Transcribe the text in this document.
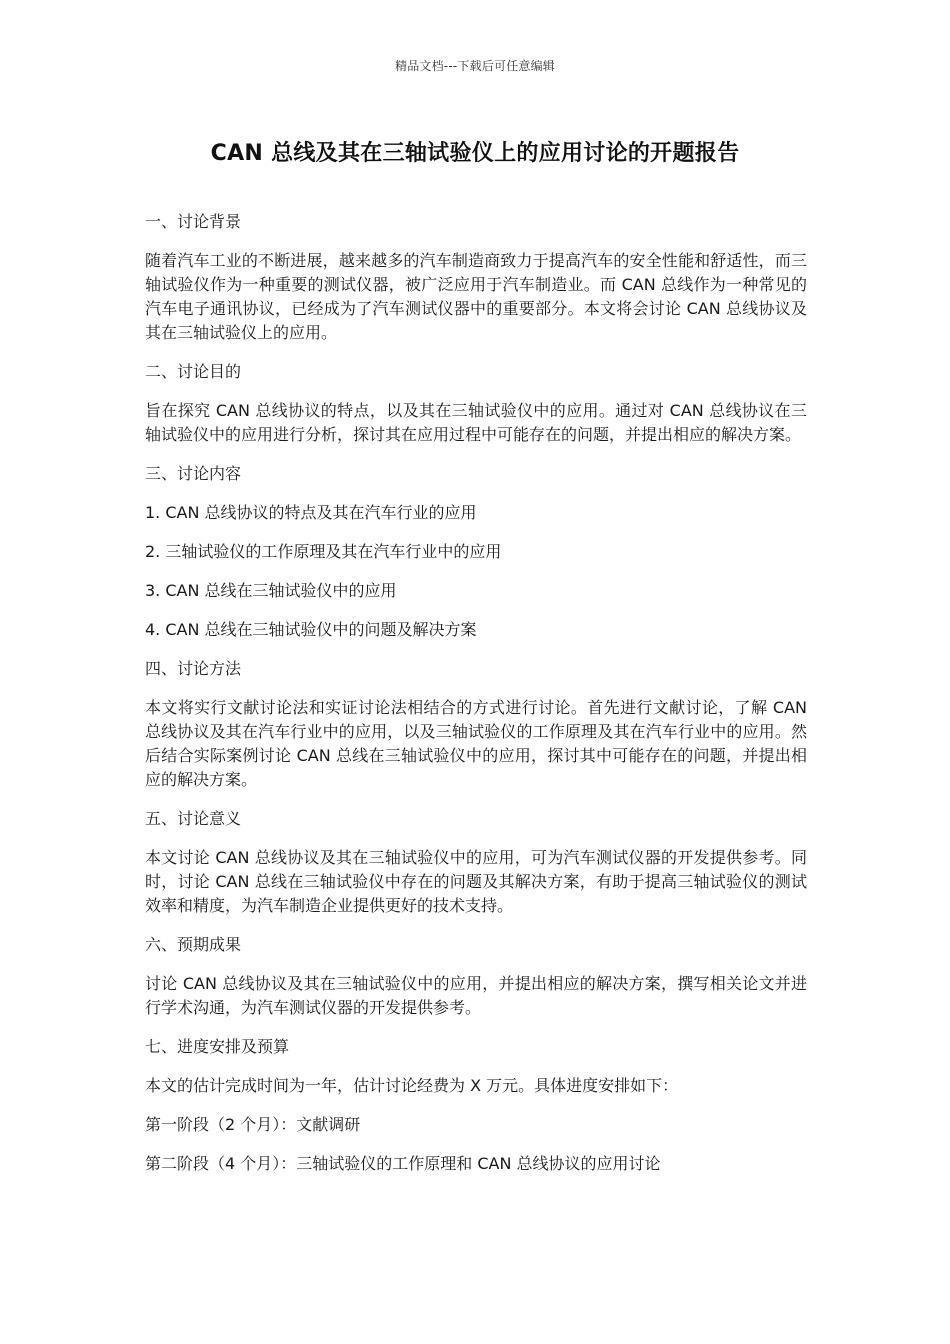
精品文档---下载后可任意编辑
CAN 总线及其在三轴试验仪上的应用讨论的开题报告

一、讨论背景

随着汽车工业的不断进展，越来越多的汽车制造商致力于提高汽车的安全性能和舒适性，而三轴试验仪作为一种重要的测试仪器，被广泛应用于汽车制造业。而 CAN 总线作为一种常见的汽车电子通讯协议，已经成为了汽车测试仪器中的重要部分。本文将会讨论 CAN 总线协议及其在三轴试验仪上的应用。

二、讨论目的

旨在探究 CAN 总线协议的特点，以及其在三轴试验仪中的应用。通过对 CAN 总线协议在三轴试验仪中的应用进行分析，探讨其在应用过程中可能存在的问题，并提出相应的解决方案。

三、讨论内容

1. CAN 总线协议的特点及其在汽车行业的应用

2. 三轴试验仪的工作原理及其在汽车行业中的应用

3. CAN 总线在三轴试验仪中的应用

4. CAN 总线在三轴试验仪中的问题及解决方案

四、讨论方法

本文将实行文献讨论法和实证讨论法相结合的方式进行讨论。首先进行文献讨论，了解 CAN 总线协议及其在汽车行业中的应用，以及三轴试验仪的工作原理及其在汽车行业中的应用。然后结合实际案例讨论 CAN 总线在三轴试验仪中的应用，探讨其中可能存在的问题，并提出相应的解决方案。

五、讨论意义

本文讨论 CAN 总线协议及其在三轴试验仪中的应用，可为汽车测试仪器的开发提供参考。同时，讨论 CAN 总线在三轴试验仪中存在的问题及其解决方案，有助于提高三轴试验仪的测试效率和精度，为汽车制造企业提供更好的技术支持。

六、预期成果

讨论 CAN 总线协议及其在三轴试验仪中的应用，并提出相应的解决方案，撰写相关论文并进行学术沟通，为汽车测试仪器的开发提供参考。

七、进度安排及预算

本文的估计完成时间为一年，估计讨论经费为 X 万元。具体进度安排如下：

第一阶段（2 个月）：文献调研

第二阶段（4 个月）：三轴试验仪的工作原理和 CAN 总线协议的应用讨论
